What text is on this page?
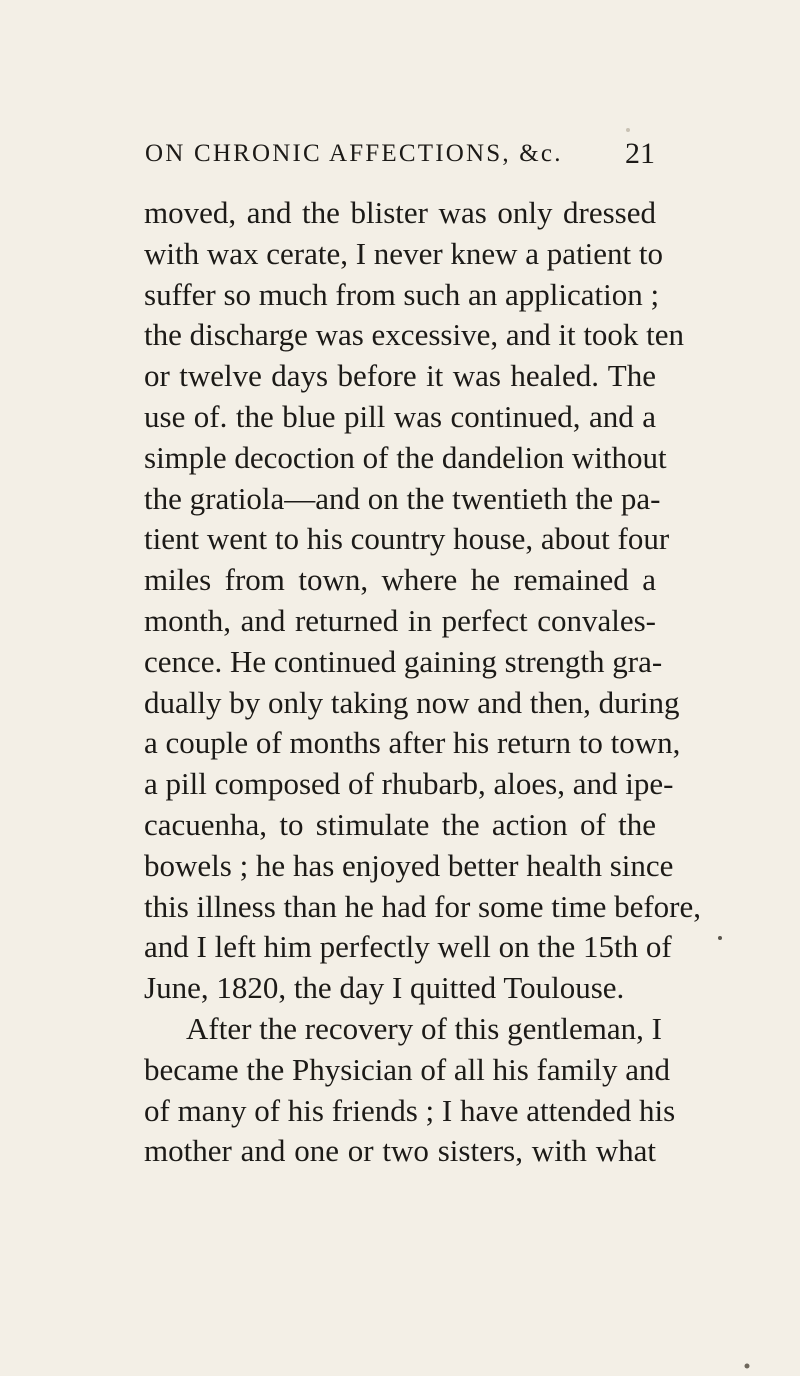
ON CHRONIC AFFECTIONS, &c. 21
moved, and the blister was only dressed
with wax cerate, I never knew a patient to
suffer so much from such an application ;
the discharge was excessive, and it took ten
or twelve days before it was healed. The
use of. the blue pill was continued, and a
simple decoction of the dandelion without
the gratiola—and on the twentieth the pa-
tient went to his country house, about four
miles from town, where he remained a
month, and returned in perfect convales-
cence. He continued gaining strength gra-
dually by only taking now and then, during
a couple of months after his return to town,
a pill composed of rhubarb, aloes, and ipe-
cacuenha, to stimulate the action of the
bowels ; he has enjoyed better health since
this illness than he had for some time before,
and I left him perfectly well on the 15th of
June, 1820, the day I quitted Toulouse.
After the recovery of this gentleman, I
became the Physician of all his family and
of many of his friends ; I have attended his
mother and one or two sisters, with what
